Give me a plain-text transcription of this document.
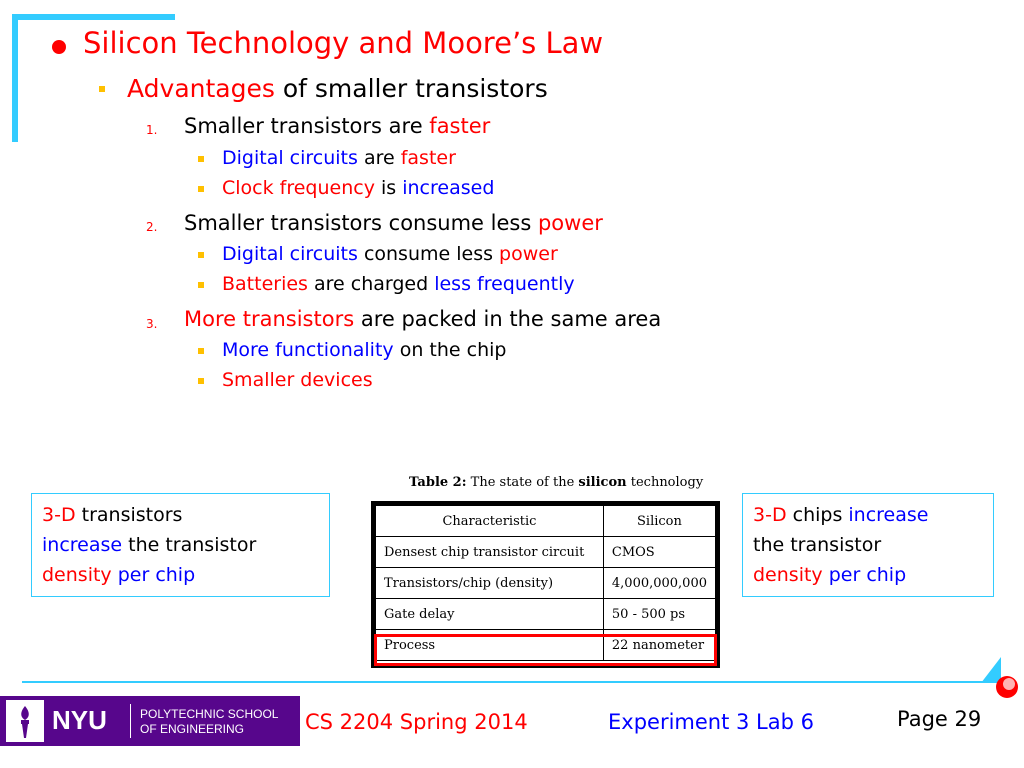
Silicon Technology and Moore’s Law
Advantages of smaller transistors
1. Smaller transistors are faster
Digital circuits are faster
Clock frequency is increased
2. Smaller transistors consume less power
Digital circuits consume less power
Batteries are charged less frequently
3. More transistors are packed in the same area
More functionality on the chip
Smaller devices
3-D transistors
increase the transistor
density per chip
3-D chips increase
the transistor
density per chip
Table 2: The state of the silicon technology
Characteristic	Silicon
Densest chip transistor circuit	CMOS
Transistors/chip (density)	4,000,000,000
Gate delay	50 - 500 ps
Process	22 nanometer
NYU	POLYTECHNIC SCHOOL
OF ENGINEERING	CS 2204 Spring 2014	Experiment 3 Lab 6	Page 29
